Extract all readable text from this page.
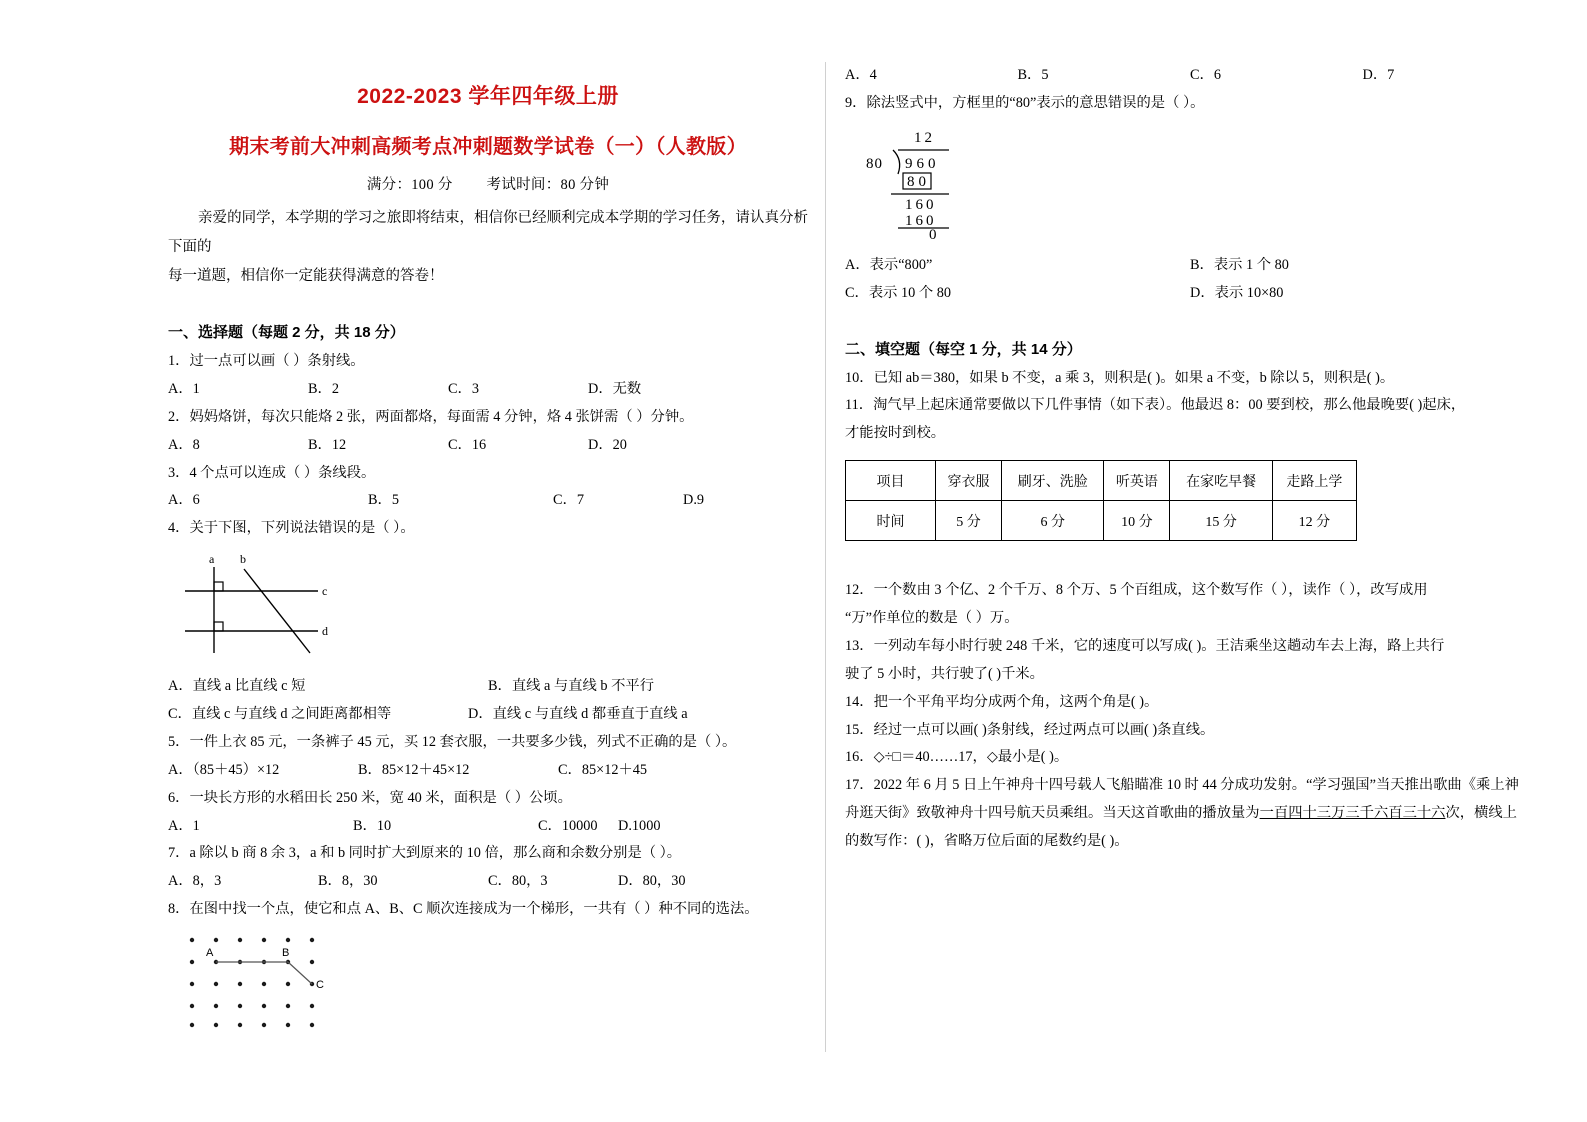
2022-2023 学年四年级上册
期末考前大冲刺高频考点冲刺题数学试卷（一）（人教版）
满分：100 分 考试时间：80 分钟
亲爱的同学，本学期的学习之旅即将结束，相信你已经顺利完成本学期的学习任务，请认真分析下面的
每一道题，相信你一定能获得满意的答卷！
一、选择题（每题 2 分，共 18 分）
1．过一点可以画（ ）条射线。
A．1	B．2	C．3	D．无数
2．妈妈烙饼，每次只能烙 2 张，两面都烙，每面需 4 分钟，烙 4 张饼需（ ）分钟。
A．8	B．12	C．16	D．20
3．4 个点可以连成（ ）条线段。
A．6	B．5	C．7	D.9
4．关于下图，下列说法错误的是（ ）。
a b
c
d
A．直线 a 比直线 c 短	B．直线 a 与直线 b 不平行
C．直线 c 与直线 d 之间距离都相等	D．直线 c 与直线 d 都垂直于直线 a
5．一件上衣 85 元，一条裤子 45 元，买 12 套衣服，一共要多少钱，列式不正确的是（ ）。
A．（85＋45）×12	B．85×12＋45×12	C．85×12＋45
6．一块长方形的水稻田长 250 米，宽 40 米，面积是（ ）公顷。
A．1	B．10	C．10000	D.1000
7．a 除以 b 商 8 余 3，a 和 b 同时扩大到原来的 10 倍，那么商和余数分别是（ ）。
A．8，3	B．8，30	C．80，3	D．80，30
8．在图中找一个点，使它和点 A、B、C 顺次连接成为一个梯形，一共有（ ）种不同的选法。
A	B
C
A．4	B．5	C．6	D．7
9．除法竖式中，方框里的“80”表示的意思错误的是（ ）。
12
80 960
80
160
160
0
A．表示“800”	B．表示 1 个 80
C．表示 10 个 80	D．表示 10×80
二、填空题（每空 1 分，共 14 分）
10．已知 ab＝380，如果 b 不变，a 乘 3，则积是( )。如果 a 不变，b 除以 5，则积是( )。
11．淘气早上起床通常要做以下几件事情（如下表）。他最迟 8：00 要到校，那么他最晚要( )起床，
才能按时到校。
项目	穿衣服	刷牙、洗脸	听英语	在家吃早餐	走路上学
时间	5 分	6 分	10 分	15 分	12 分
12．一个数由 3 个亿、2 个千万、8 个万、5 个百组成，这个数写作（ ），读作（ ），改写成用
“万”作单位的数是（ ）万。
13．一列动车每小时行驶 248 千米，它的速度可以写成( )。王洁乘坐这趟动车去上海，路上共行
驶了 5 小时，共行驶了( )千米。
14．把一个平角平均分成两个角，这两个角是( )。
15．经过一点可以画( )条射线，经过两点可以画( )条直线。
16．◇÷□＝40……17，◇最小是( )。
17．2022 年 6 月 5 日上午神舟十四号载人飞船瞄准 10 时 44 分成功发射。“学习强国”当天推出歌曲《乘上神
舟逛天街》致敬神舟十四号航天员乘组。当天这首歌曲的播放量为一百四十三万三千六百三十六次，横线上
的数写作：( )，省略万位后面的尾数约是( )。
